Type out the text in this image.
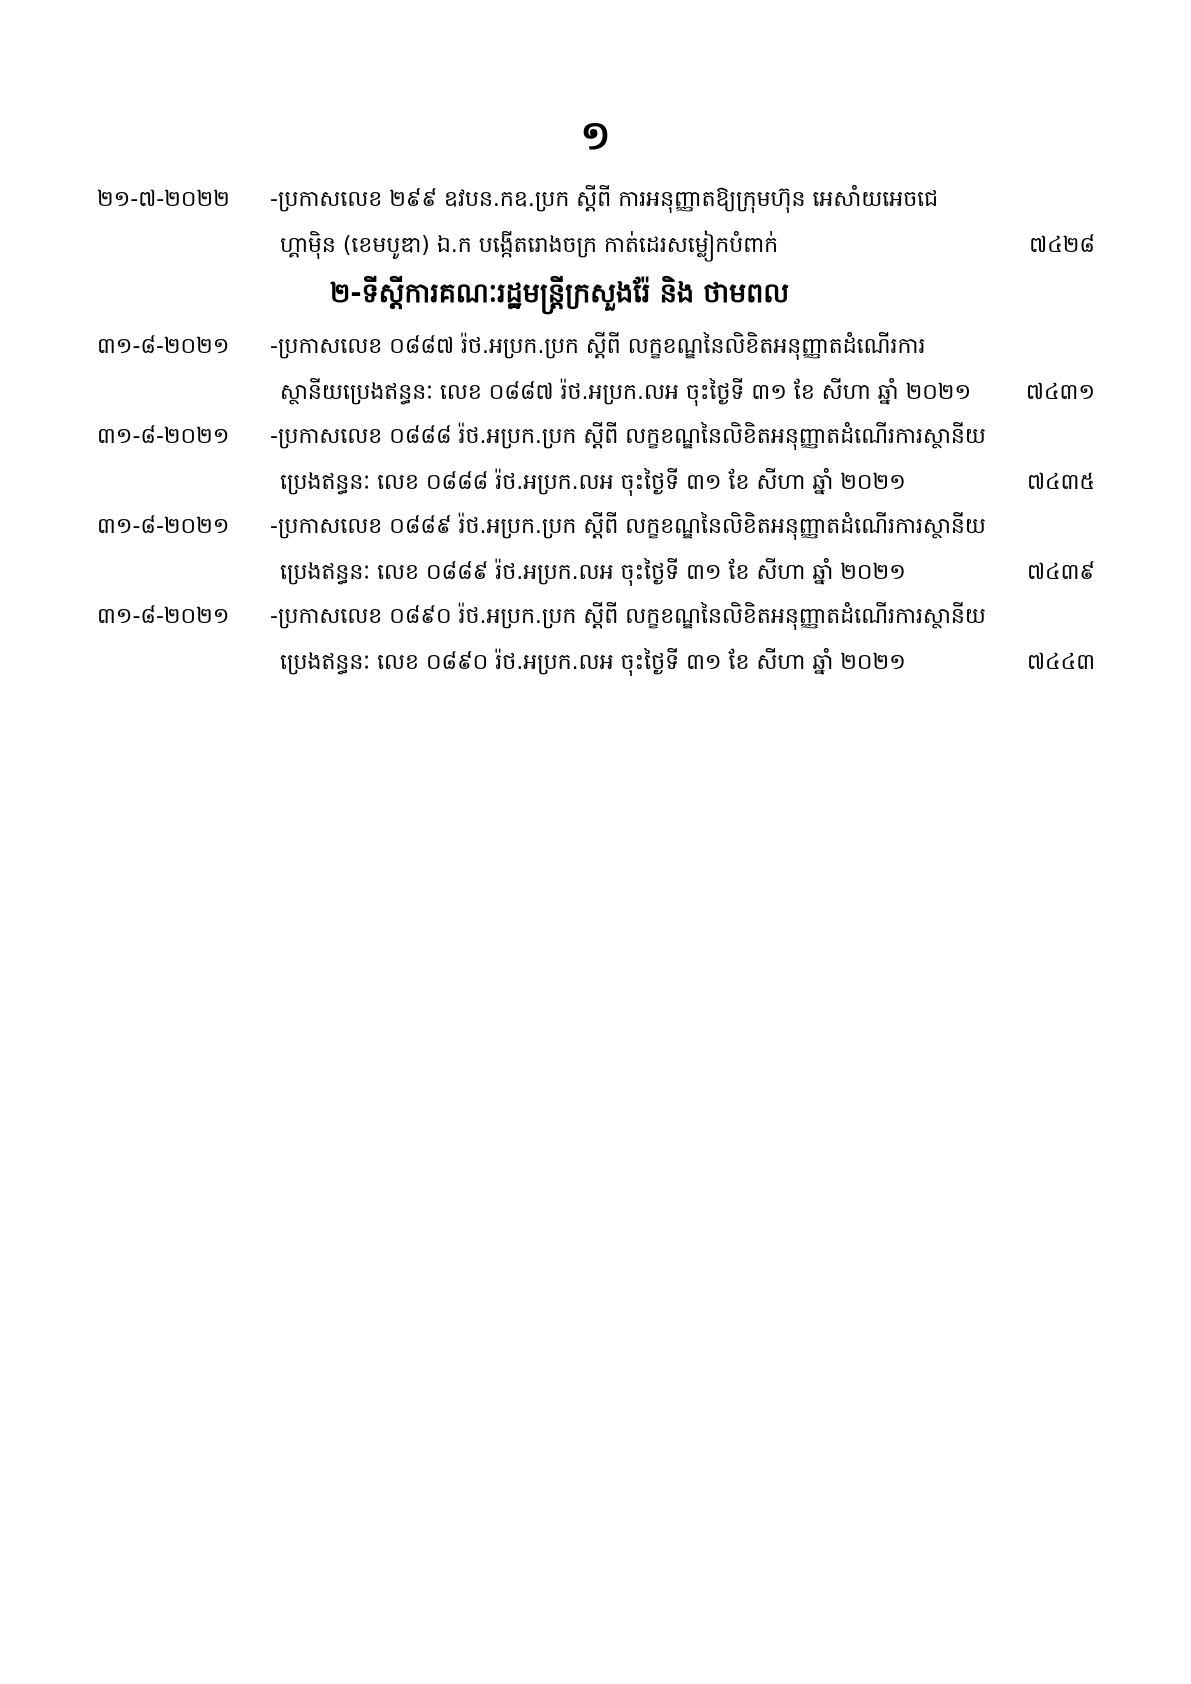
១
២១-៧-២០២២ -ប្រកាសលេខ ២៩៩ ឧវបន.កឧ.ប្រក ស្តីពី ការអនុញ្ញាតឱ្យក្រុមហ៊ុន អេសាំយអេចជេ
ហ្គាម៉ិន (ខេមបូឌា) ឯ.ក បង្កើតរោងចក្រ កាត់ដេរសម្លៀកបំពាក់	៧៤២៨
២-ទីស្តីការគណៈរដ្ឋមន្ត្រីក្រសួងរ៉ែ និង ថាមពល
៣១-៨-២០២១ -ប្រកាសលេខ ០៨៨៧ រ៉ថ.អប្រក.ប្រក ស្តីពី លក្ខខណ្ឌនៃលិខិតអនុញ្ញាតដំណើរការ
ស្ថានីយប្រេងឥន្ធនៈ លេខ ០៨៨៧ រ៉ថ.អប្រក.លអ ចុះថ្ងៃទី ៣១ ខែ សីហា ឆ្នាំ ២០២១	៧៤៣១
៣១-៨-២០២១ -ប្រកាសលេខ ០៨៨៨ រ៉ថ.អប្រក.ប្រក ស្តីពី លក្ខខណ្ឌនៃលិខិតអនុញ្ញាតដំណើរការស្ថានីយ
ប្រេងឥន្ធនៈ លេខ ០៨៨៨ រ៉ថ.អប្រក.លអ ចុះថ្ងៃទី ៣១ ខែ សីហា ឆ្នាំ ២០២១	៧៤៣៥
៣១-៨-២០២១ -ប្រកាសលេខ ០៨៨៩ រ៉ថ.អប្រក.ប្រក ស្តីពី លក្ខខណ្ឌនៃលិខិតអនុញ្ញាតដំណើរការស្ថានីយ
ប្រេងឥន្ធនៈ លេខ ០៨៨៩ រ៉ថ.អប្រក.លអ ចុះថ្ងៃទី ៣១ ខែ សីហា ឆ្នាំ ២០២១	៧៤៣៩
៣១-៨-២០២១ -ប្រកាសលេខ ០៨៩០ រ៉ថ.អប្រក.ប្រក ស្តីពី លក្ខខណ្ឌនៃលិខិតអនុញ្ញាតដំណើរការស្ថានីយ
ប្រេងឥន្ធនៈ លេខ ០៨៩០ រ៉ថ.អប្រក.លអ ចុះថ្ងៃទី ៣១ ខែ សីហា ឆ្នាំ ២០២១	៧៤៤៣
